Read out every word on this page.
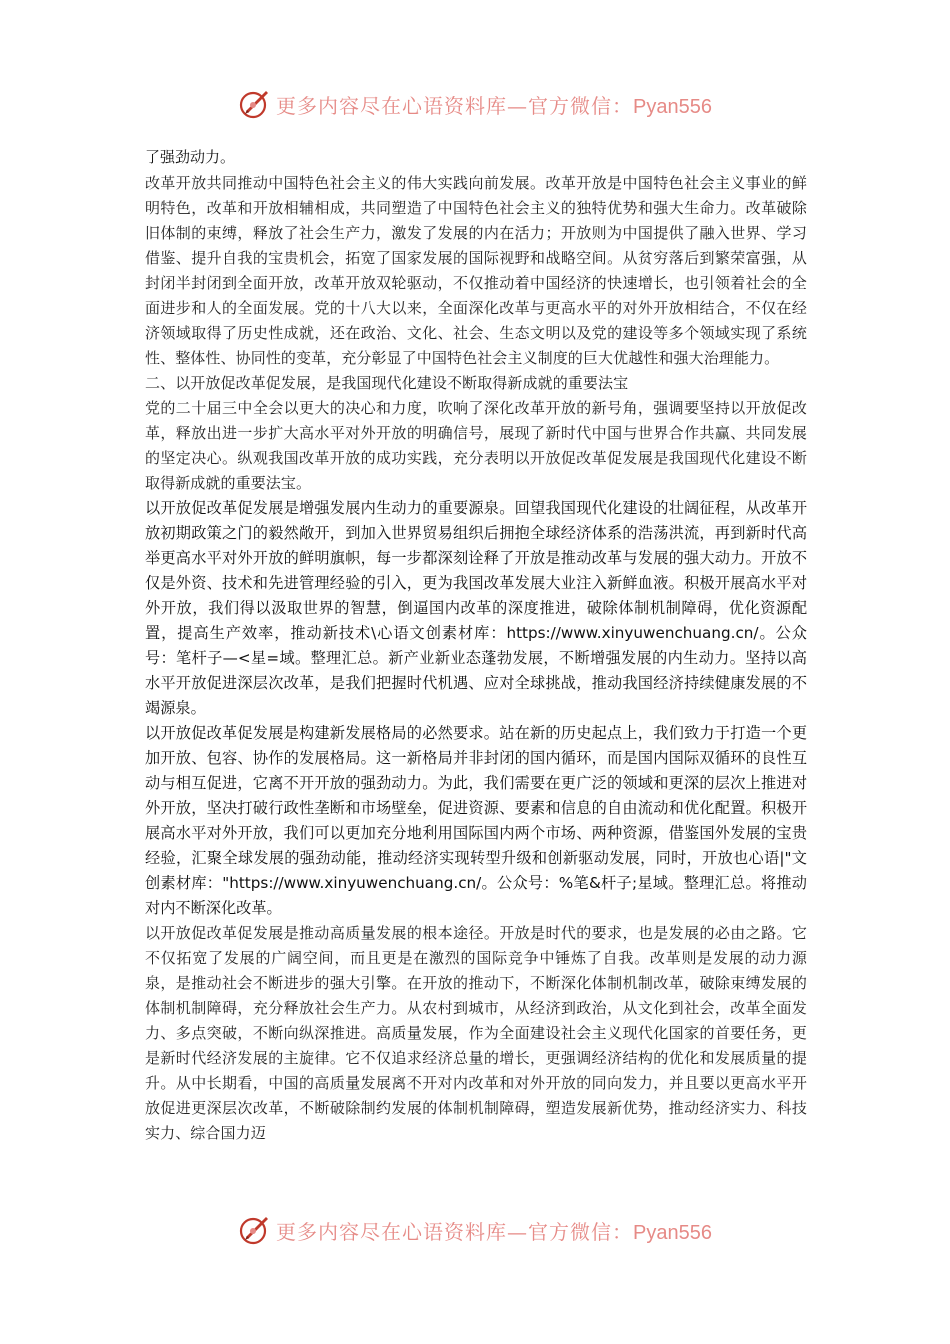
更多内容尽在心语资料库—官方微信：Pyan556

了强劲动力。

改革开放共同推动中国特色社会主义的伟大实践向前发展。改革开放是中国特色社会主义事业的鲜明特色，改革和开放相辅相成，共同塑造了中国特色社会主义的独特优势和强大生命力。改革破除旧体制的束缚，释放了社会生产力，激发了发展的内在活力；开放则为中国提供了融入世界、学习借鉴、提升自我的宝贵机会，拓宽了国家发展的国际视野和战略空间。从贫穷落后到繁荣富强，从封闭半封闭到全面开放，改革开放双轮驱动，不仅推动着中国经济的快速增长，也引领着社会的全面进步和人的全面发展。党的十八大以来，全面深化改革与更高水平的对外开放相结合，不仅在经济领域取得了历史性成就，还在政治、文化、社会、生态文明以及党的建设等多个领域实现了系统性、整体性、协同性的变革，充分彰显了中国特色社会主义制度的巨大优越性和强大治理能力。

二、以开放促改革促发展，是我国现代化建设不断取得新成就的重要法宝

党的二十届三中全会以更大的决心和力度，吹响了深化改革开放的新号角，强调要坚持以开放促改革，释放出进一步扩大高水平对外开放的明确信号，展现了新时代中国与世界合作共赢、共同发展的坚定决心。纵观我国改革开放的成功实践，充分表明以开放促改革促发展是我国现代化建设不断取得新成就的重要法宝。

以开放促改革促发展是增强发展内生动力的重要源泉。回望我国现代化建设的壮阔征程，从改革开放初期政策之门的毅然敞开，到加入世界贸易组织后拥抱全球经济体系的浩荡洪流，再到新时代高举更高水平对外开放的鲜明旗帜，每一步都深刻诠释了开放是推动改革与发展的强大动力。开放不仅是外资、技术和先进管理经验的引入，更为我国改革发展大业注入新鲜血液。积极开展高水平对外开放，我们得以汲取世界的智慧，倒逼国内改革的深度推进，破除体制机制障碍，优化资源配置，提高生产效率，推动新技术\心语文创素材库：https://www.xinyuwenchuang.cn/。公众号：笔杆子—<星=域。整理汇总。新产业新业态蓬勃发展，不断增强发展的内生动力。坚持以高水平开放促进深层次改革，是我们把握时代机遇、应对全球挑战，推动我国经济持续健康发展的不竭源泉。

以开放促改革促发展是构建新发展格局的必然要求。站在新的历史起点上，我们致力于打造一个更加开放、包容、协作的发展格局。这一新格局并非封闭的国内循环，而是国内国际双循环的良性互动与相互促进，它离不开开放的强劲动力。为此，我们需要在更广泛的领域和更深的层次上推进对外开放，坚决打破行政性垄断和市场壁垒，促进资源、要素和信息的自由流动和优化配置。积极开展高水平对外开放，我们可以更加充分地利用国际国内两个市场、两种资源，借鉴国外发展的宝贵经验，汇聚全球发展的强劲动能，推动经济实现转型升级和创新驱动发展，同时，开放也心语|"文创素材库："https://www.xinyuwenchuang.cn/。公众号：%笔&杆子;星域。整理汇总。将推动对内不断深化改革。

以开放促改革促发展是推动高质量发展的根本途径。开放是时代的要求，也是发展的必由之路。它不仅拓宽了发展的广阔空间，而且更是在激烈的国际竞争中锤炼了自我。改革则是发展的动力源泉，是推动社会不断进步的强大引擎。在开放的推动下，不断深化体制机制改革，破除束缚发展的体制机制障碍，充分释放社会生产力。从农村到城市，从经济到政治，从文化到社会，改革全面发力、多点突破，不断向纵深推进。高质量发展，作为全面建设社会主义现代化国家的首要任务，更是新时代经济发展的主旋律。它不仅追求经济总量的增长，更强调经济结构的优化和发展质量的提升。从中长期看，中国的高质量发展离不开对内改革和对外开放的同向发力，并且要以更高水平开放促进更深层次改革，不断破除制约发展的体制机制障碍，塑造发展新优势，推动经济实力、科技实力、综合国力迈

更多内容尽在心语资料库—官方微信：Pyan556
